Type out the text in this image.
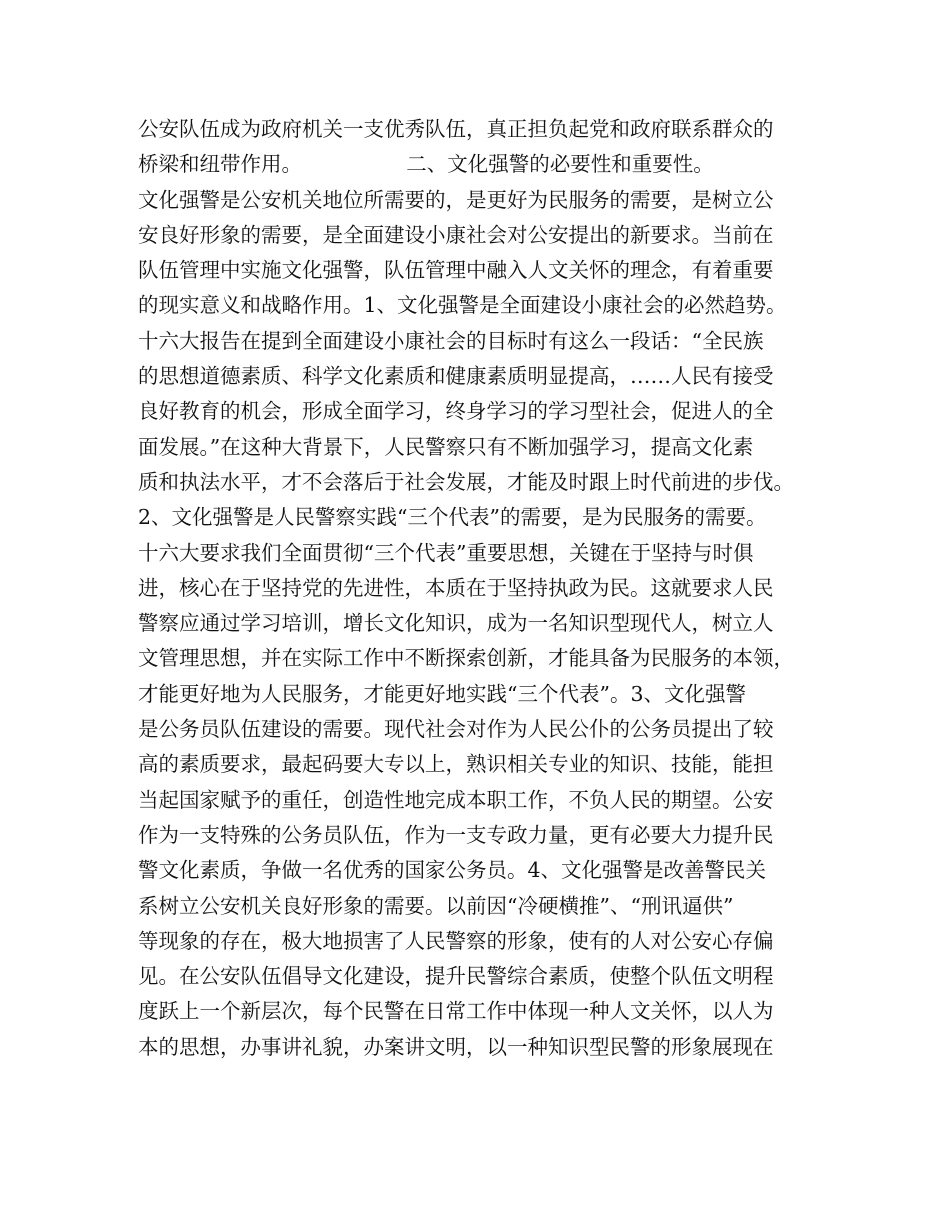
公安队伍成为政府机关一支优秀队伍，真正担负起党和政府联系群众的
桥梁和纽带作用。                二、文化强警的必要性和重要性。
文化强警是公安机关地位所需要的，是更好为民服务的需要，是树立公
安良好形象的需要，是全面建设小康社会对公安提出的新要求。当前在
队伍管理中实施文化强警，队伍管理中融入人文关怀的理念，有着重要
的现实意义和战略作用。1、文化强警是全面建设小康社会的必然趋势。
十六大报告在提到全面建设小康社会的目标时有这么一段话：“全民族
的思想道德素质、科学文化素质和健康素质明显提高，……人民有接受
良好教育的机会，形成全面学习，终身学习的学习型社会，促进人的全
面发展。”在这种大背景下，人民警察只有不断加强学习，提高文化素
质和执法水平，才不会落后于社会发展，才能及时跟上时代前进的步伐。
2、文化强警是人民警察实践“三个代表”的需要，是为民服务的需要。
十六大要求我们全面贯彻“三个代表”重要思想，关键在于坚持与时俱
进，核心在于坚持党的先进性，本质在于坚持执政为民。这就要求人民
警察应通过学习培训，增长文化知识，成为一名知识型现代人，树立人
文管理思想，并在实际工作中不断探索创新，才能具备为民服务的本领，
才能更好地为人民服务，才能更好地实践“三个代表”。3、文化强警
是公务员队伍建设的需要。现代社会对作为人民公仆的公务员提出了较
高的素质要求，最起码要大专以上，熟识相关专业的知识、技能，能担
当起国家赋予的重任，创造性地完成本职工作，不负人民的期望。公安
作为一支特殊的公务员队伍，作为一支专政力量，更有必要大力提升民
警文化素质，争做一名优秀的国家公务员。4、文化强警是改善警民关
系树立公安机关良好形象的需要。以前因“冷硬横推”、“刑讯逼供”
等现象的存在，极大地损害了人民警察的形象，使有的人对公安心存偏
见。在公安队伍倡导文化建设，提升民警综合素质，使整个队伍文明程
度跃上一个新层次，每个民警在日常工作中体现一种人文关怀，以人为
本的思想，办事讲礼貌，办案讲文明，以一种知识型民警的形象展现在
